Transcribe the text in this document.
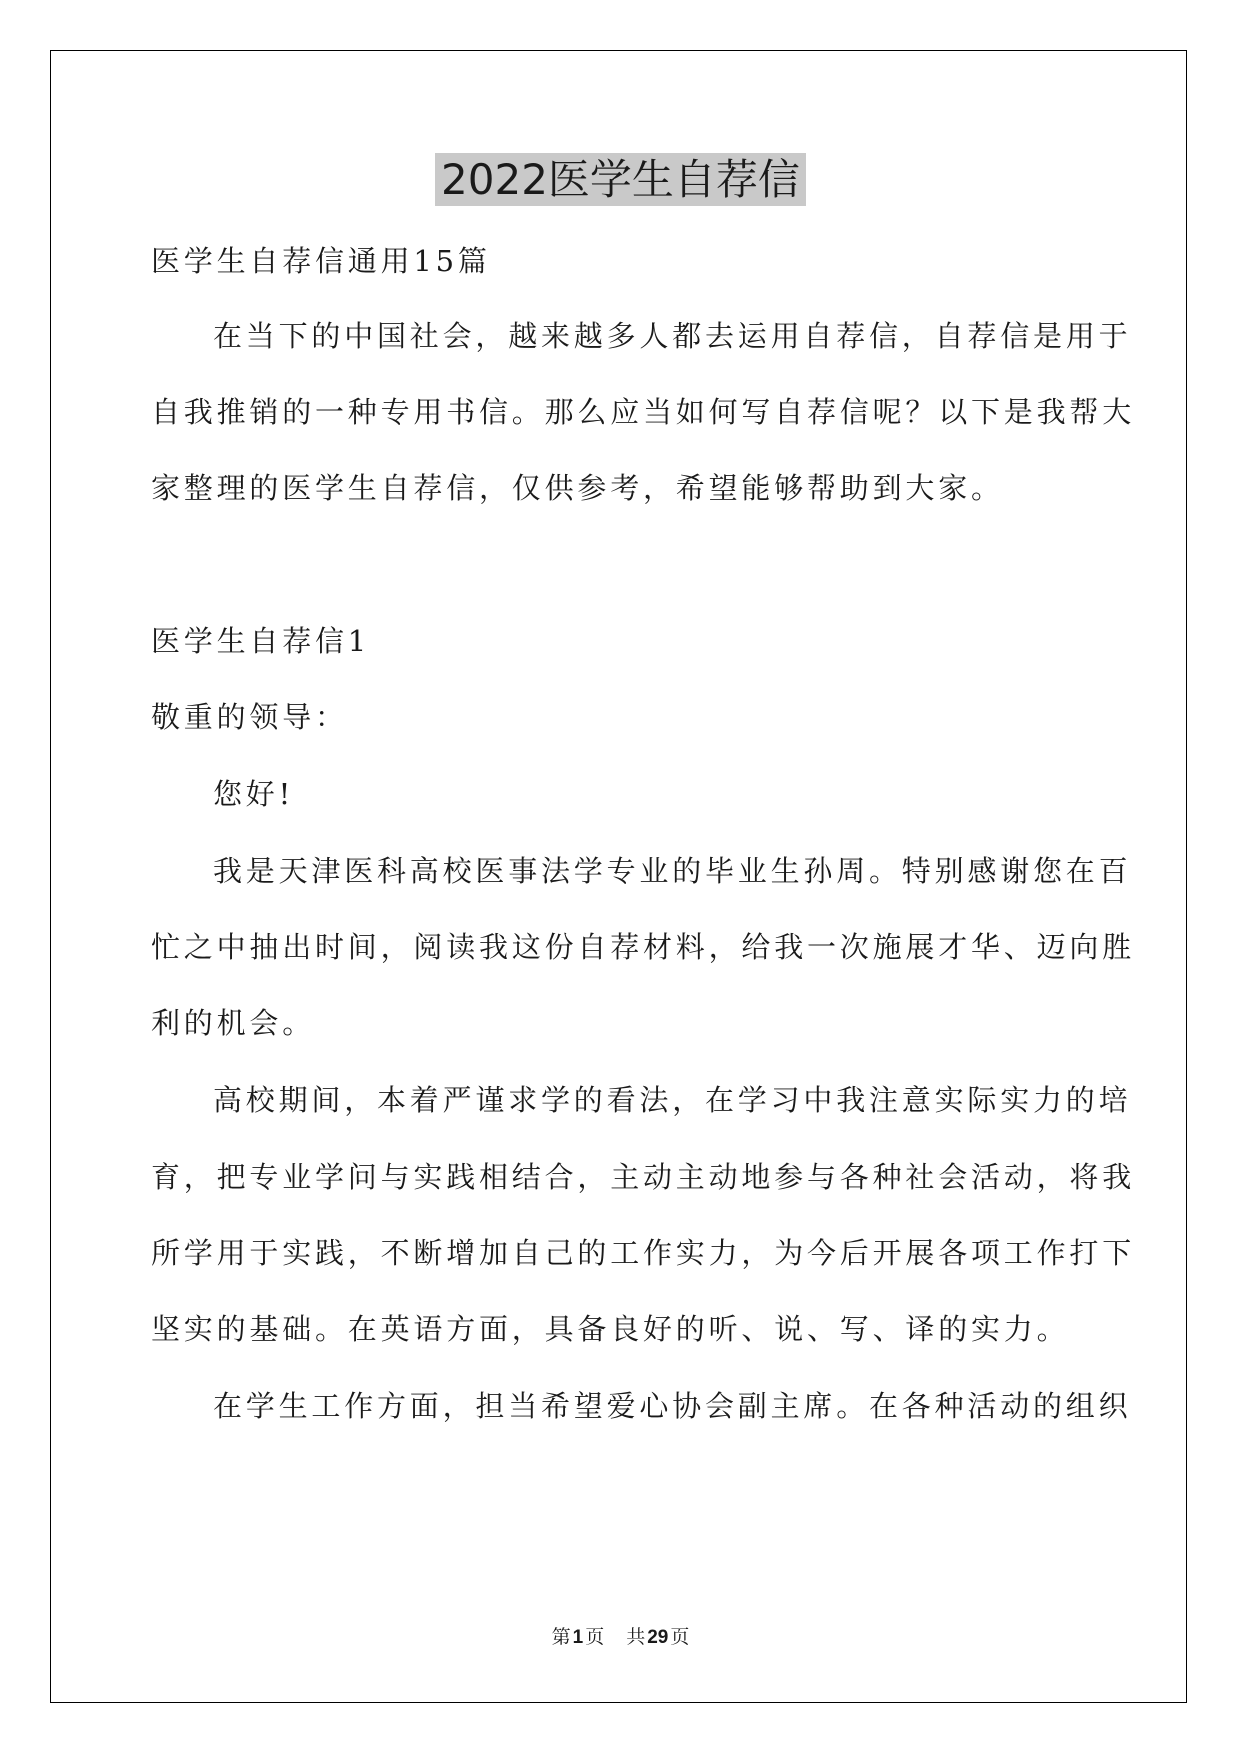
2022医学生自荐信
医学生自荐信通用15篇
在当下的中国社会，越来越多人都去运用自荐信，自荐信是用于
自我推销的一种专用书信。那么应当如何写自荐信呢？以下是我帮大
家整理的医学生自荐信，仅供参考，希望能够帮助到大家。
医学生自荐信1
敬重的领导：
您好!
我是天津医科高校医事法学专业的毕业生孙周。特别感谢您在百
忙之中抽出时间，阅读我这份自荐材料，给我一次施展才华、迈向胜
利的机会。
高校期间，本着严谨求学的看法，在学习中我注意实际实力的培
育，把专业学问与实践相结合，主动主动地参与各种社会活动，将我
所学用于实践，不断增加自己的工作实力，为今后开展各项工作打下
坚实的基础。在英语方面，具备良好的听、说、写、译的实力。
在学生工作方面，担当希望爱心协会副主席。在各种活动的组织
第 1 页 共 29 页
